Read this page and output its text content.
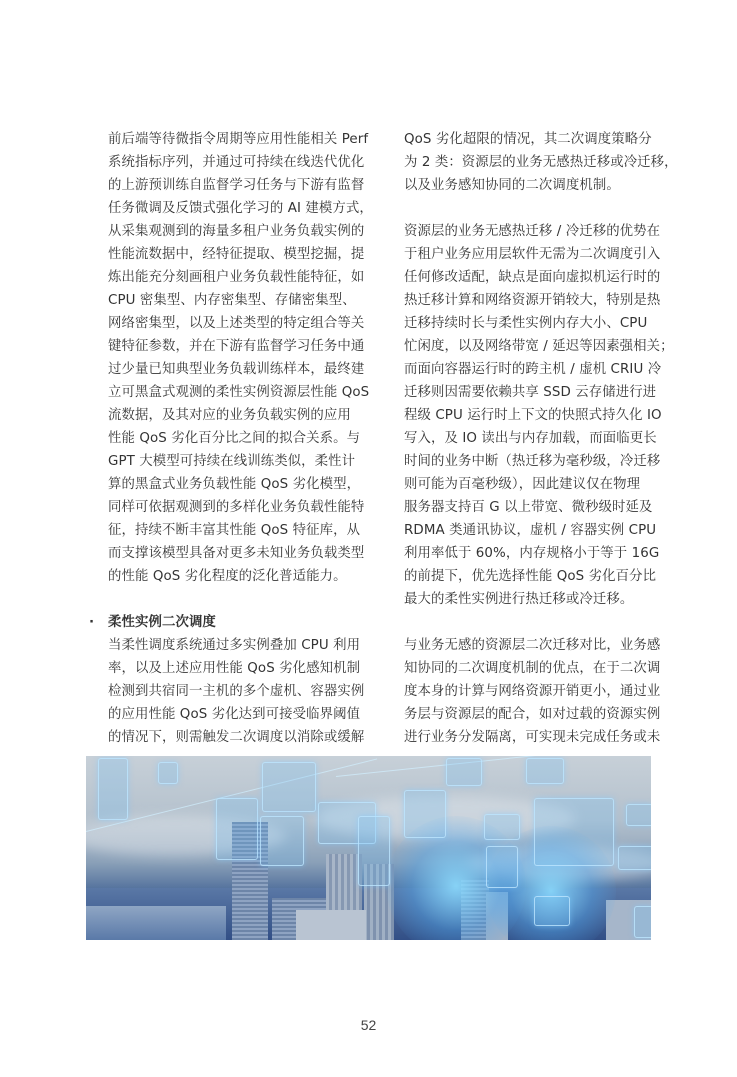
前后端等待微指令周期等应用性能相关 Perf
系统指标序列，并通过可持续在线迭代优化
的上游预训练自监督学习任务与下游有监督
任务微调及反馈式强化学习的 AI 建模方式，
从采集观测到的海量多租户业务负载实例的
性能流数据中，经特征提取、模型挖掘，提
炼出能充分刻画租户业务负载性能特征，如
CPU 密集型、内存密集型、存储密集型、
网络密集型，以及上述类型的特定组合等关
键特征参数，并在下游有监督学习任务中通
过少量已知典型业务负载训练样本，最终建
立可黑盒式观测的柔性实例资源层性能 QoS
流数据，及其对应的业务负载实例的应用
性能 QoS 劣化百分比之间的拟合关系。与
GPT 大模型可持续在线训练类似，柔性计
算的黑盒式业务负载性能 QoS 劣化模型，
同样可依据观测到的多样化业务负载性能特
征，持续不断丰富其性能 QoS 特征库，从
而支撑该模型具备对更多未知业务负载类型
的性能 QoS 劣化程度的泛化普适能力。
· 柔性实例二次调度
当柔性调度系统通过多实例叠加 CPU 利用
率，以及上述应用性能 QoS 劣化感知机制
检测到共宿同一主机的多个虚机、容器实例
的应用性能 QoS 劣化达到可接受临界阈值
的情况下，则需触发二次调度以消除或缓解
QoS 劣化超限的情况，其二次调度策略分
为 2 类：资源层的业务无感热迁移或冷迁移，
以及业务感知协同的二次调度机制。
资源层的业务无感热迁移 / 冷迁移的优势在
于租户业务应用层软件无需为二次调度引入
任何修改适配，缺点是面向虚拟机运行时的
热迁移计算和网络资源开销较大，特别是热
迁移持续时长与柔性实例内存大小、CPU
忙闲度，以及网络带宽 / 延迟等因素强相关；
而面向容器运行时的跨主机 / 虚机 CRIU 冷
迁移则因需要依赖共享 SSD 云存储进行进
程级 CPU 运行时上下文的快照式持久化 IO
写入，及 IO 读出与内存加载，而面临更长
时间的业务中断（热迁移为毫秒级，冷迁移
则可能为百毫秒级），因此建议仅在物理
服务器支持百 G 以上带宽、微秒级时延及
RDMA 类通讯协议，虚机 / 容器实例 CPU
利用率低于 60%，内存规格小于等于 16G
的前提下，优先选择性能 QoS 劣化百分比
最大的柔性实例进行热迁移或冷迁移。
与业务无感的资源层二次迁移对比，业务感
知协同的二次调度机制的优点，在于二次调
度本身的计算与网络资源开销更小，通过业
务层与资源层的配合，如对过载的资源实例
进行业务分发隔离，可实现未完成任务或未
52
